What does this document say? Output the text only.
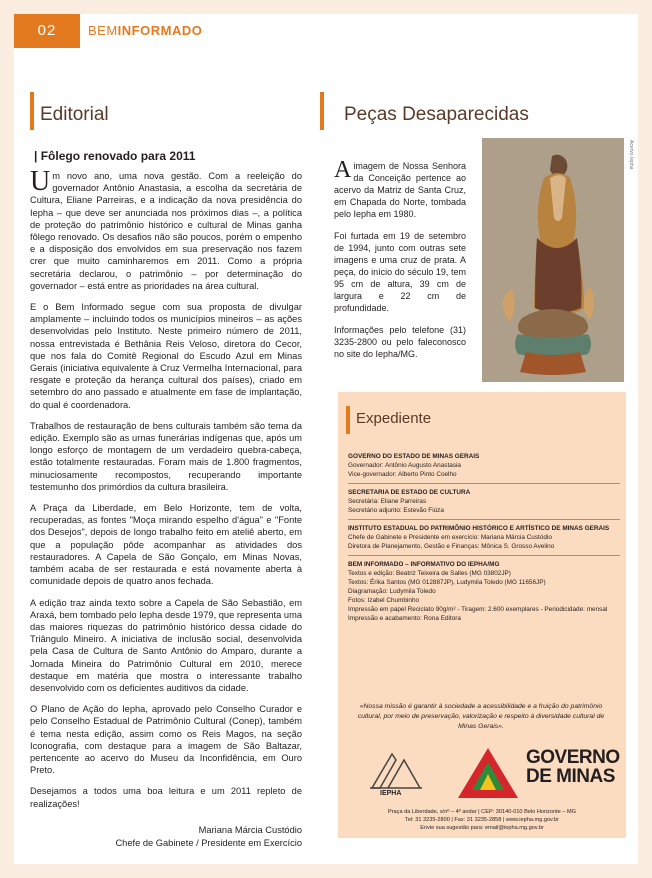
02	BEMINFORMADO
Editorial
| Fôlego renovado para 2011

Um novo ano, uma nova gestão. Com a reeleição do governador Antônio Anastasia, a escolha da secretária de Cultura, Eliane Parreiras, e a indicação da nova presidência do Iepha – que deve ser anunciada nos próximos dias –, a política de proteção do patrimônio histórico e cultural de Minas ganha fôlego renovado. Os desafios não são poucos, porém o empenho e a disposição dos envolvidos em sua preservação nos fazem crer que muito caminharemos em 2011. Como a própria secretária declarou, o patrimônio – por determinação do governador – está entre as prioridades na área cultural.

E o Bem Informado segue com sua proposta de divulgar amplamente – incluindo todos os municípios mineiros – as ações desenvolvidas pelo Instituto. Neste primeiro número de 2011, nossa entrevistada é Bethânia Reis Veloso, diretora do Cecor, que nos fala do Comitê Regional do Escudo Azul em Minas Gerais (iniciativa equivalente à Cruz Vermelha Internacional, para resgate e proteção da herança cultural dos países), criado em setembro do ano passado e atualmente em fase de implantação, do qual é coordenadora.

Trabalhos de restauração de bens culturais também são tema da edição. Exemplo são as urnas funerárias indígenas que, após um longo esforço de montagem de um verdadeiro quebra-cabeça, estão totalmente restauradas. Foram mais de 1.800 fragmentos, minuciosamente recompostos, recuperando importante testemunho dos primórdios da cultura brasileira.

A Praça da Liberdade, em Belo Horizonte, tem de volta, recuperadas, as fontes "Moça mirando espelho d'água" e "Fonte dos Desejos", depois de longo trabalho feito em ateliê aberto, em que a população pôde acompanhar as atividades dos restauradores. A Capela de São Gonçalo, em Minas Novas, também acaba de ser restaurada e está novamente aberta à comunidade depois de quatro anos fechada.

A edição traz ainda texto sobre a Capela de São Sebastião, em Araxá, bem tombado pelo Iepha desde 1979, que representa uma das maiores riquezas do patrimônio histórico dessa cidade do Triângulo Mineiro. A iniciativa de inclusão social, desenvolvida pela Casa de Cultura de Santo Antônio do Amparo, durante a Jornada Mineira do Patrimônio Cultural em 2010, merece destaque em matéria que mostra o interessante trabalho desenvolvido com os deficientes auditivos da cidade.

O Plano de Ação do Iepha, aprovado pelo Conselho Curador e pelo Conselho Estadual de Patrimônio Cultural (Conep), também é tema nesta edição, assim como os Reis Magos, na seção Iconografia, com destaque para a imagem de São Baltazar, pertencente ao acervo do Museu da Inconfidência, em Ouro Preto.

Desejamos a todos uma boa leitura e um 2011 repleto de realizações!

Mariana Márcia Custódio
Chefe de Gabinete / Presidente em Exercício
Peças Desaparecidas

Aimagem de Nossa Senhora da Conceição pertence ao acervo da Matriz de Santa Cruz, em Chapada do Norte, tombada pelo Iepha em 1980.

Foi furtada em 19 de setembro de 1994, junto com outras sete imagens e uma cruz de prata. A peça, do início do século 19, tem 95 cm de altura, 39 cm de largura e 22 cm de profundidade.

Informações pelo telefone (31) 3235-2800 ou pelo faleconosco no site do Iepha/MG.

Acervo Iepha
Expediente
GOVERNO DO ESTADO DE MINAS GERAIS
Governador: Antônio Augusto Anastasia
Vice-governador: Alberto Pinto Coelho
SECRETARIA DE ESTADO DE CULTURA
Secretária: Eliane Parreiras
Secretário adjunto: Estevão Fiúza
INSTITUTO ESTADUAL DO PATRIMÔNIO HISTÓRICO E ARTÍSTICO DE MINAS GERAIS
Chefe de Gabinete e Presidente em exercício: Mariana Márcia Custódio
Diretora de Planejamento, Gestão e Finanças: Mônica S. Grosso Avelino
BEM INFORMADO – INFORMATIVO DO IEPHA/MG
Textos e edição: Beatriz Teixeira de Salles (MG 03802JP)
Textos: Érika Santos (MG 012887JP), Ludymila Toledo (MG 11656JP)
Diagramação: Ludymila Toledo
Fotos: Izabel Chumbinho
Impressão em papel Reciclato 90g/m² - Tiragem: 2.600 exemplares - Periodicidade: mensal
Impressão e acabamento: Rona Editora
«Nossa missão é garantir à sociedade a acessibilidade e a fruição do patrimônio cultural, por meio de preservação, valorização e respeito à diversidade cultural de Minas Gerais».
IEPHA
GOVERNO
DE MINAS
Praça da Liberdade, s/nº – 4º andar | CEP: 30140-010 Belo Horizonte – MG
Tel: 31 3235-2800 | Fax: 31 3235-2858 | www.iepha.mg.gov.br
Envie sua sugestão para: email@iepha.mg.gov.br
